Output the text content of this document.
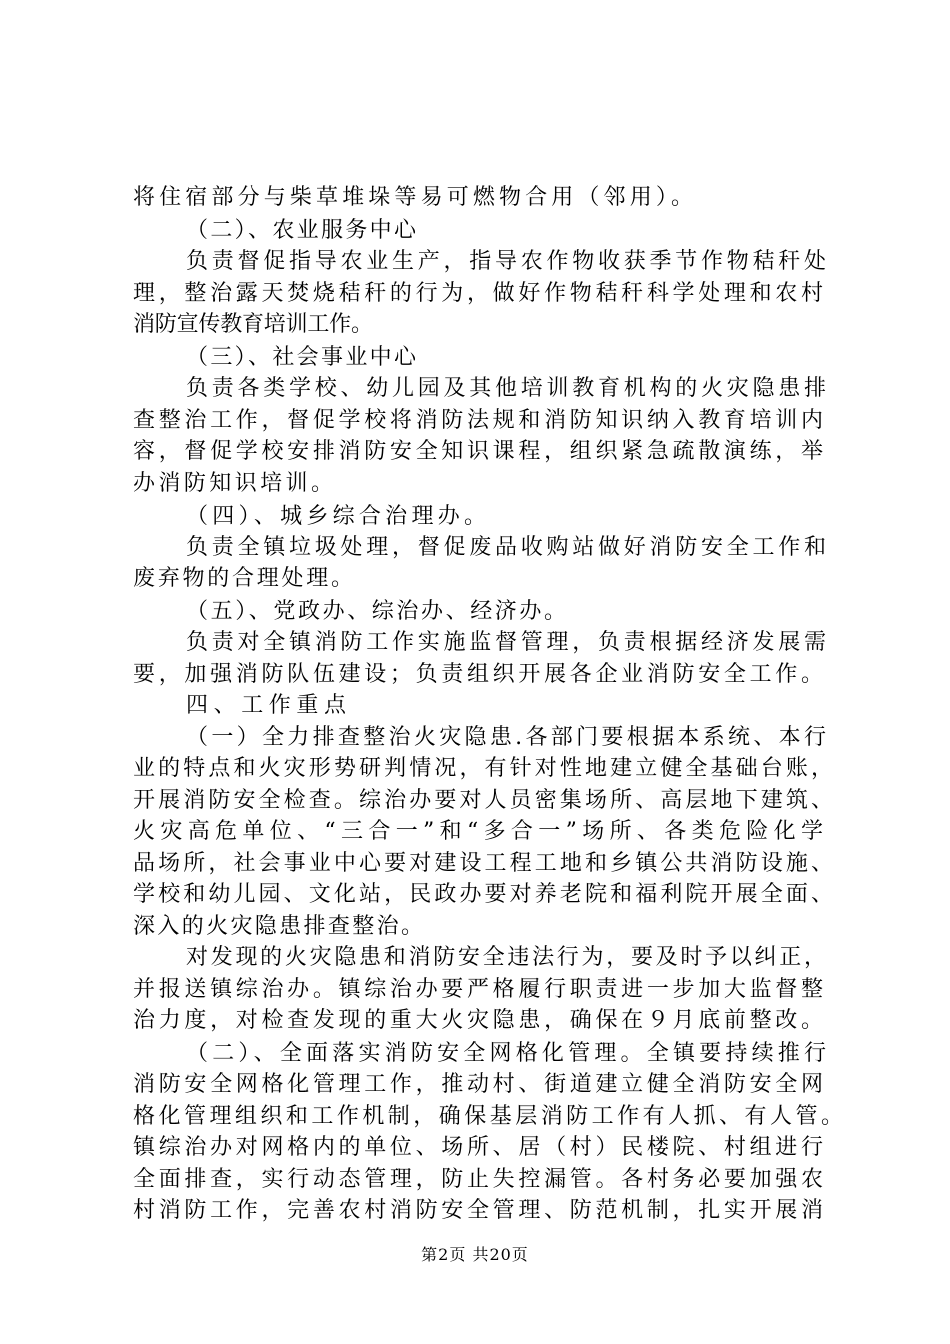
将住宿部分与柴草堆垛等易可燃物合用（邻用）。
（二）、农业服务中心
负责督促指导农业生产，指导农作物收获季节作物秸秆处
理，整治露天焚烧秸秆的行为，做好作物秸秆科学处理和农村
消防宣传教育培训工作。
（三）、社会事业中心
负责各类学校、幼儿园及其他培训教育机构的火灾隐患排
查整治工作，督促学校将消防法规和消防知识纳入教育培训内
容，督促学校安排消防安全知识课程，组织紧急疏散演练，举
办消防知识培训。
（四）、城乡综合治理办。
负责全镇垃圾处理，督促废品收购站做好消防安全工作和
废弃物的合理处理。
（五）、党政办、综治办、经济办。
负责对全镇消防工作实施监督管理，负责根据经济发展需
要，加强消防队伍建设；负责组织开展各企业消防安全工作。
四、工作重点
（一）全力排查整治火灾隐患.各部门要根据本系统、本行
业的特点和火灾形势研判情况，有针对性地建立健全基础台账，
开展消防安全检查。综治办要对人员密集场所、高层地下建筑、
火灾高危单位、“三合一”和“多合一”场所、各类危险化学
品场所，社会事业中心要对建设工程工地和乡镇公共消防设施、
学校和幼儿园、文化站，民政办要对养老院和福利院开展全面、
深入的火灾隐患排查整治。
对发现的火灾隐患和消防安全违法行为，要及时予以纠正，
并报送镇综治办。镇综治办要严格履行职责进一步加大监督整
治力度，对检查发现的重大火灾隐患，确保在９月底前整改。
（二）、全面落实消防安全网格化管理。全镇要持续推行
消防安全网格化管理工作，推动村、街道建立健全消防安全网
格化管理组织和工作机制，确保基层消防工作有人抓、有人管。
镇综治办对网格内的单位、场所、居（村）民楼院、村组进行
全面排查，实行动态管理，防止失控漏管。各村务必要加强农
村消防工作，完善农村消防安全管理、防范机制，扎实开展消
第2页 共20页
